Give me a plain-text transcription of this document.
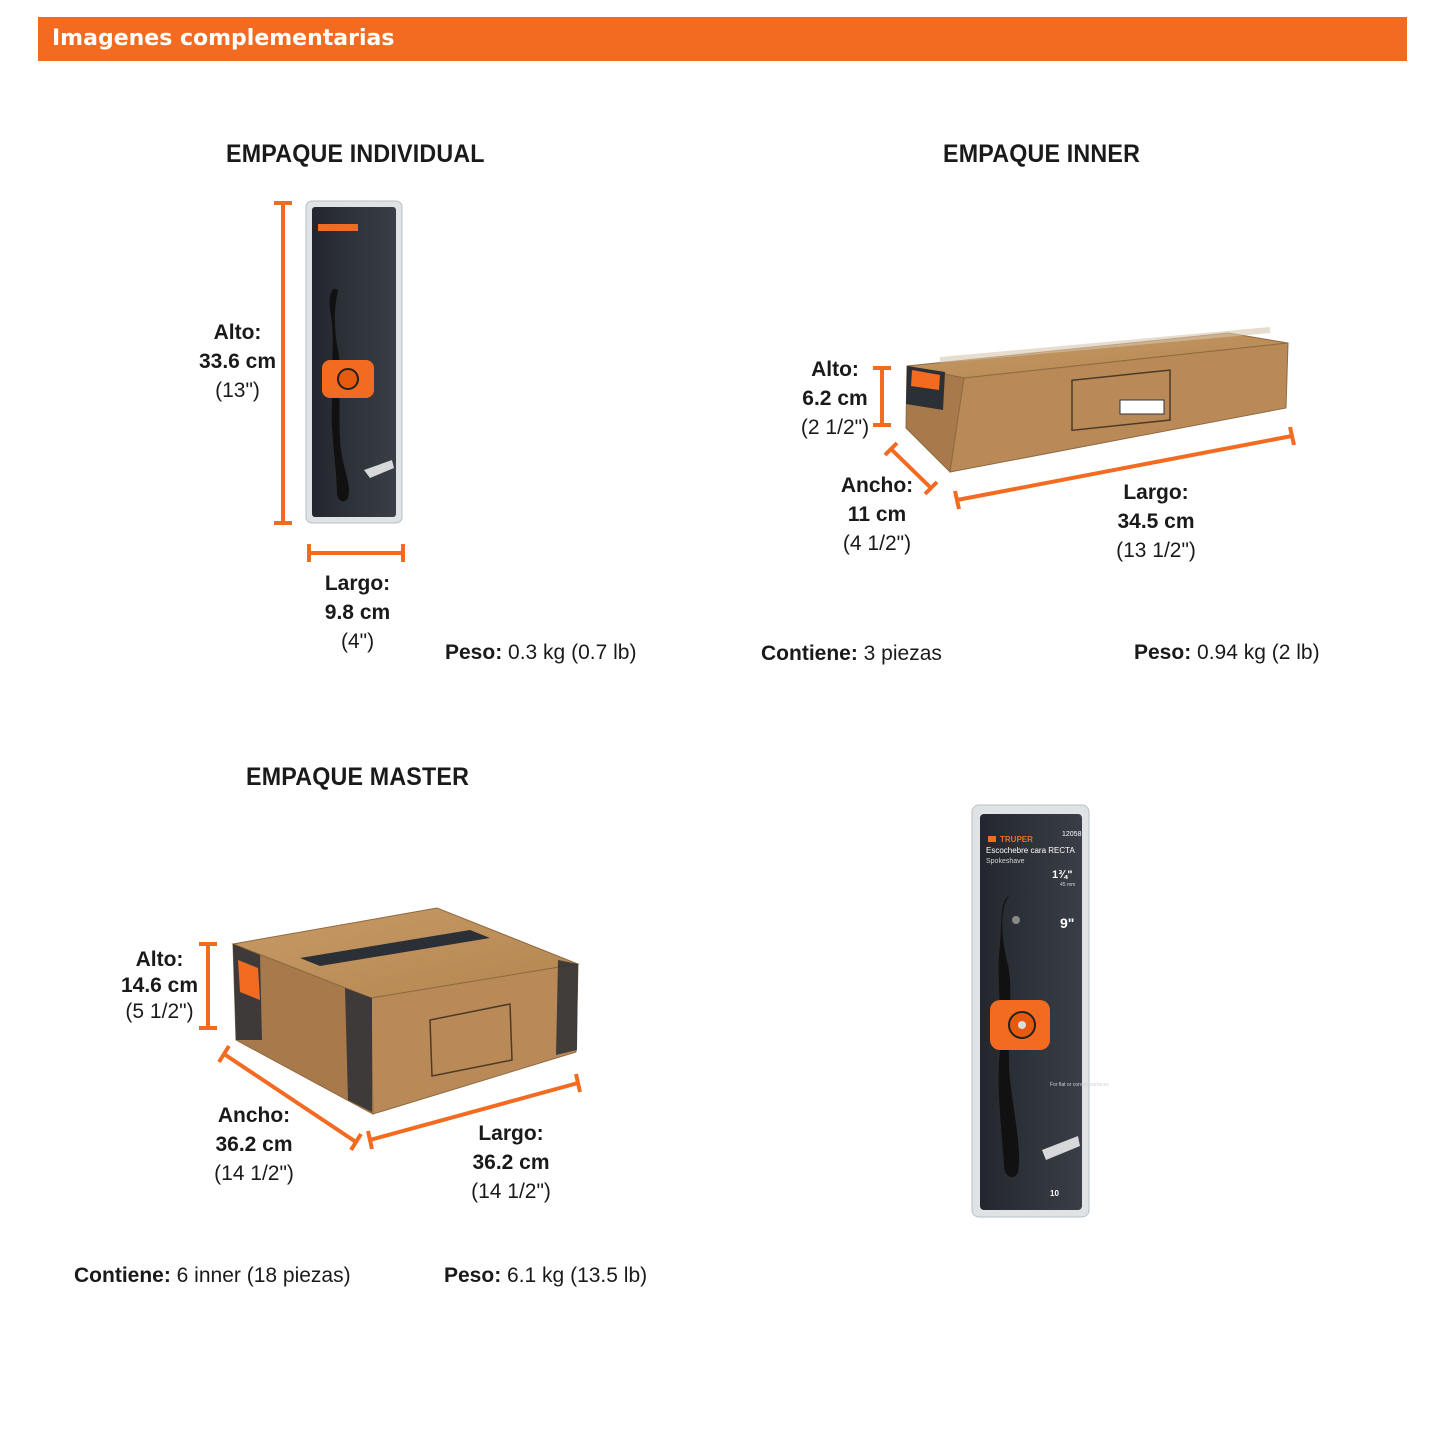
Imagenes complementarias
EMPAQUE INDIVIDUAL	EMPAQUE INNER
EMPAQUE MASTER
12058
TRUPER
Escochebre cara RECTA
Spokeshave
1¾"
45 mm
9"
For flat or convex surfaces
10
Alto:
33.6 cm
(13")
Largo:
9.8 cm
(4")	Peso: 0.3 kg (0.7 lb)
Alto:
6.2 cm
(2 1/2")
Ancho:
11 cm
(4 1/2")
Largo:
34.5 cm
(13 1/2")
Contiene: 3 piezas	Peso: 0.94 kg (2 lb)
Alto:
14.6 cm
(5 1/2")
Ancho:
36.2 cm
(14 1/2")
Largo:
36.2 cm
(14 1/2")
Contiene: 6 inner (18 piezas)	Peso: 6.1 kg (13.5 lb)
